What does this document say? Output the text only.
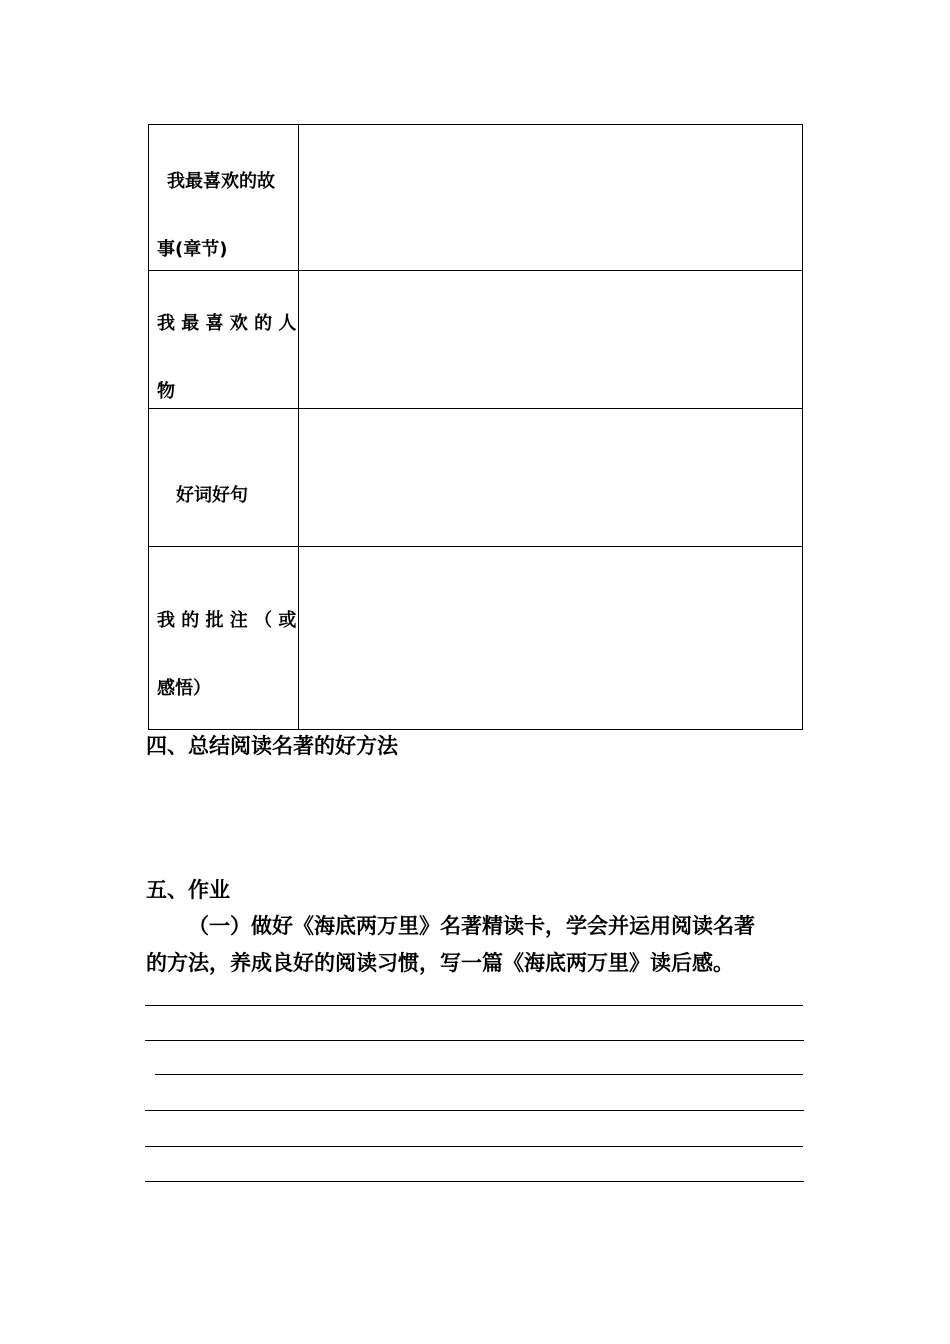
我最喜欢的故
事(章节)
我 最 喜 欢 的 人
物
好词好句
我 的 批 注 （ 或
感悟）
四、总结阅读名著的好方法
五、作业
（一）做好《海底两万里》名著精读卡，学会并运用阅读名著
的方法，养成良好的阅读习惯，写一篇《海底两万里》读后感。
